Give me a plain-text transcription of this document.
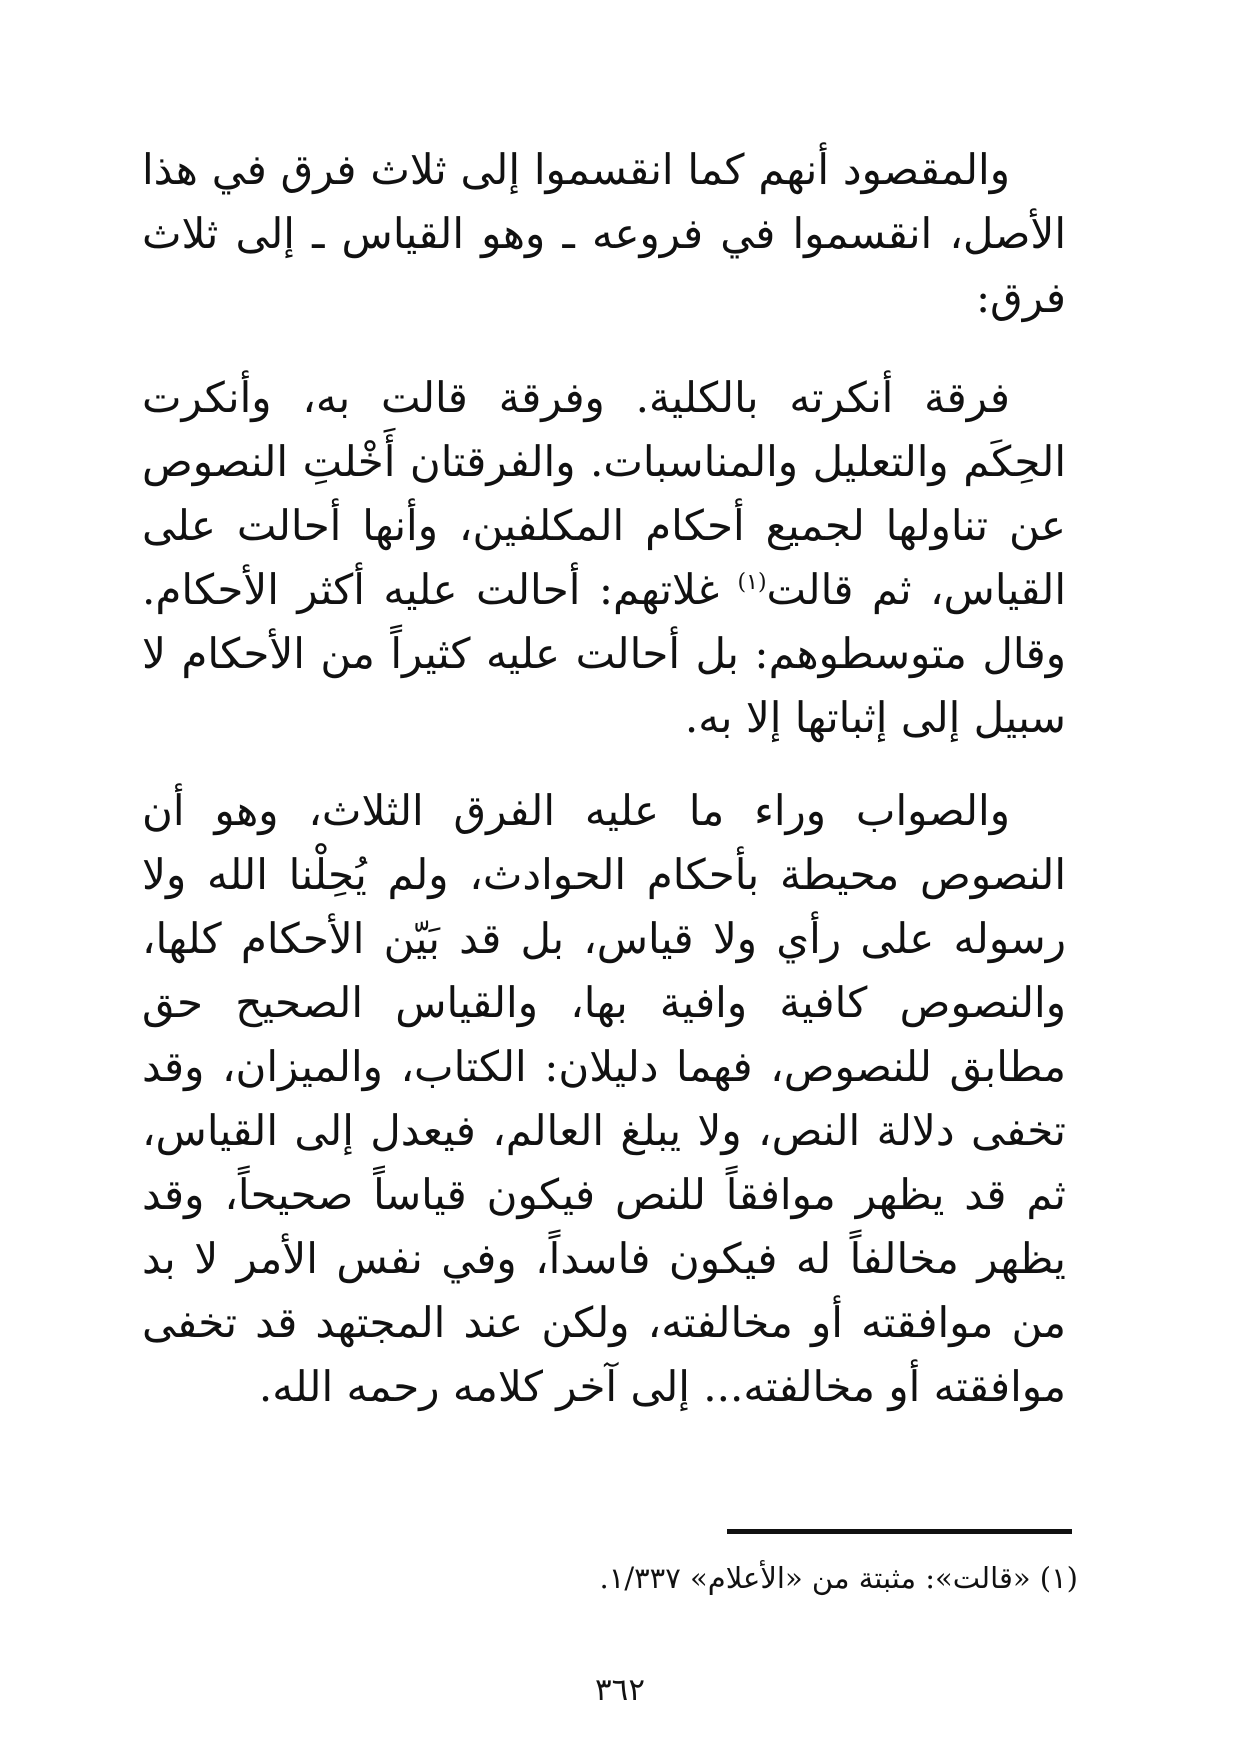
والمقصود أنهم كما انقسموا إلى ثلاث فرق في هذا الأصل، انقسموا في فروعه ـ وهو القياس ـ إلى ثلاث فرق:

فرقة أنكرته بالكلية. وفرقة قالت به، وأنكرت الحِكَم والتعليل والمناسبات. والفرقتان أَخْلتِ النصوص عن تناولها لجميع أحكام المكلفين، وأنها أحالت على القياس، ثم قالت$^{(١)}$ غلاتهم: أحالت عليه أكثر الأحكام. وقال متوسطوهم: بل أحالت عليه كثيراً من الأحكام لا سبيل إلى إثباتها إلا به.

والصواب وراء ما عليه الفرق الثلاث، وهو أن النصوص محيطة بأحكام الحوادث، ولم يُحِلْنا الله ولا رسوله على رأي ولا قياس، بل قد بَيّن الأحكام كلها، والنصوص كافية وافية بها، والقياس الصحيح حق مطابق للنصوص، فهما دليلان: الكتاب، والميزان، وقد تخفى دلالة النص، ولا يبلغ العالم، فيعدل إلى القياس، ثم قد يظهر موافقاً للنص فيكون قياساً صحيحاً، وقد يظهر مخالفاً له فيكون فاسداً، وفي نفس الأمر لا بد من موافقته أو مخالفته، ولكن عند المجتهد قد تخفى موافقته أو مخالفته... إلى آخر كلامه رحمه الله.

(١) «قالت»: مثبتة من «الأعلام» ١/٣٣٧.
٣٦٢
